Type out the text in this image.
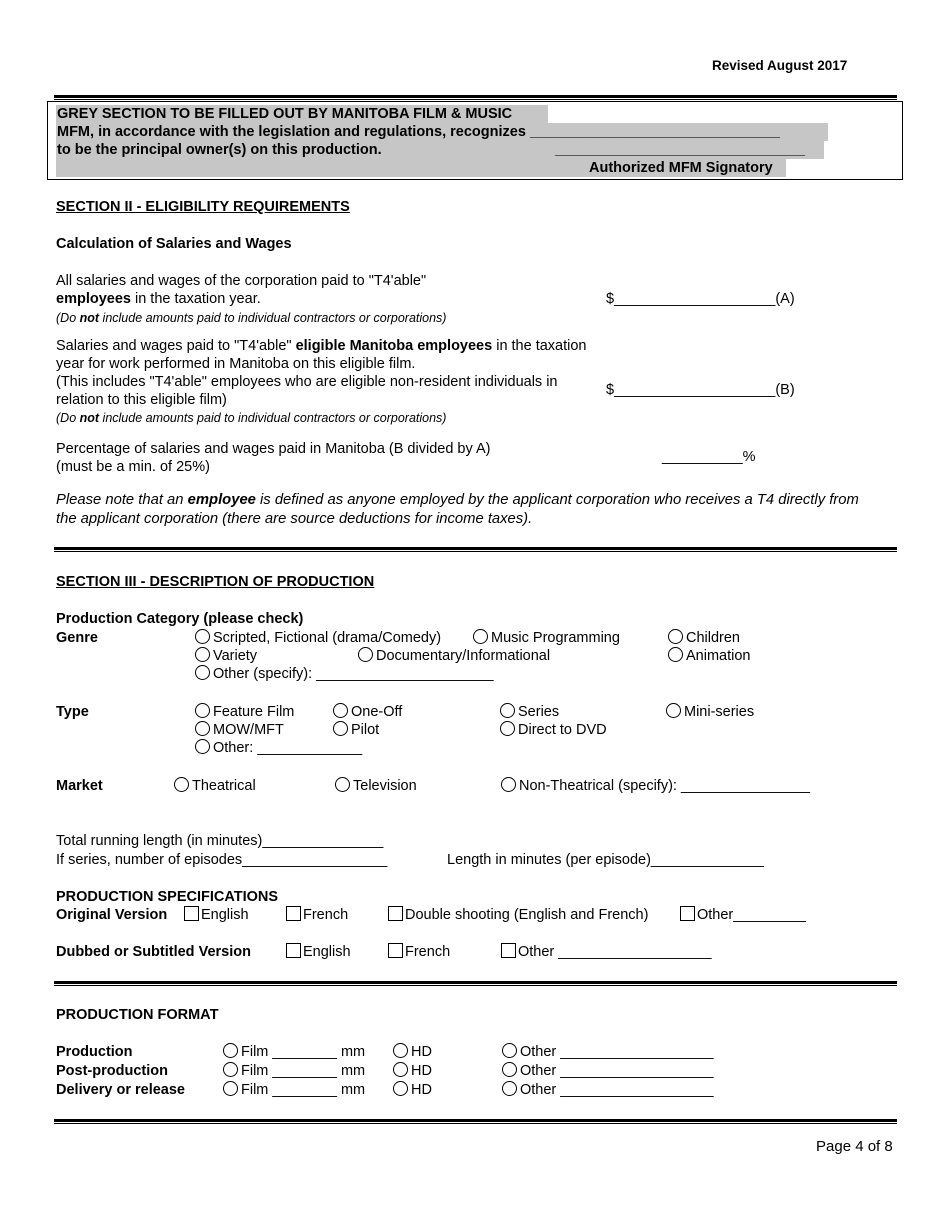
Revised August 2017
GREY SECTION TO BE FILLED OUT BY MANITOBA FILM & MUSIC
MFM, in accordance with the legislation and regulations, recognizes _______________________________
to be the principal owner(s) on this production.	_______________________________
Authorized MFM Signatory
SECTION II - ELIGIBILITY REQUIREMENTS
Calculation of Salaries and Wages
All salaries and wages of the corporation paid to "T4'able"
employees in the taxation year.
(Do not include amounts paid to individual contractors or corporations)
$____________________(A)
Salaries and wages paid to "T4'able" eligible Manitoba employees in the taxation
year for work performed in Manitoba on this eligible film.
(This includes "T4'able" employees who are eligible non-resident individuals in
relation to this eligible film)
(Do not include amounts paid to individual contractors or corporations)
$____________________(B)
Percentage of salaries and wages paid in Manitoba (B divided by A)
(must be a min. of 25%)
__________%
Please note that an employee is defined as anyone employed by the applicant corporation who receives a T4 directly from
the applicant corporation (there are source deductions for income taxes).
SECTION III - DESCRIPTION OF PRODUCTION
Production Category (please check)
Genre	Scripted, Fictional (drama/Comedy)	Music Programming	Children
Variety	Documentary/Informational	Animation
Other (specify): ______________________
Type	Feature Film	One-Off	Series	Mini-series
MOW/MFT	Pilot	Direct to DVD
Other: _____________
Market	Theatrical	Television	Non-Theatrical (specify): ________________
Total running length (in minutes)_______________
If series, number of episodes__________________	Length in minutes (per episode)______________
PRODUCTION SPECIFICATIONS
Original Version	English	French	Double shooting (English and French)	Other_________
Dubbed or Subtitled Version	English	French	Other ___________________
PRODUCTION FORMAT
Production	Film ________ mm	HD	Other ___________________
Post-production	Film ________ mm	HD	Other ___________________
Delivery or release	Film ________ mm	HD	Other ___________________
Page 4 of 8
